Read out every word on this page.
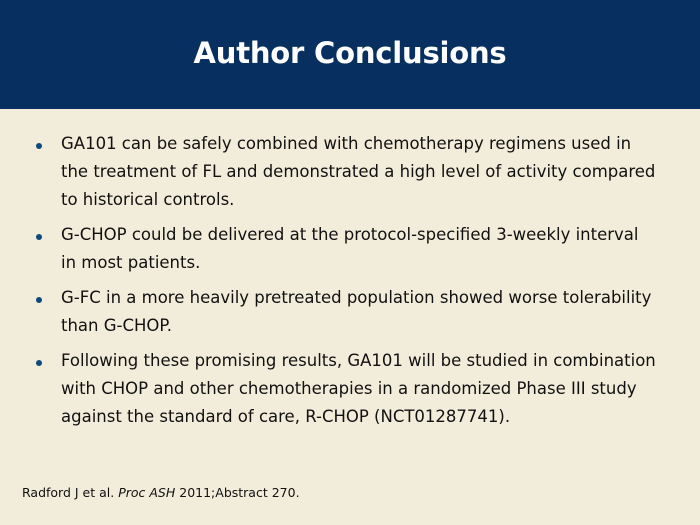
Author Conclusions
GA101 can be safely combined with chemotherapy regimens used in the treatment of FL and demonstrated a high level of activity compared to historical controls.
G-CHOP could be delivered at the protocol-specified 3-weekly interval in most patients.
G-FC in a more heavily pretreated population showed worse tolerability than G-CHOP.
Following these promising results, GA101 will be studied in combination with CHOP and other chemotherapies in a randomized Phase III study against the standard of care, R-CHOP (NCT01287741).
Radford J et al. Proc ASH 2011;Abstract 270.
